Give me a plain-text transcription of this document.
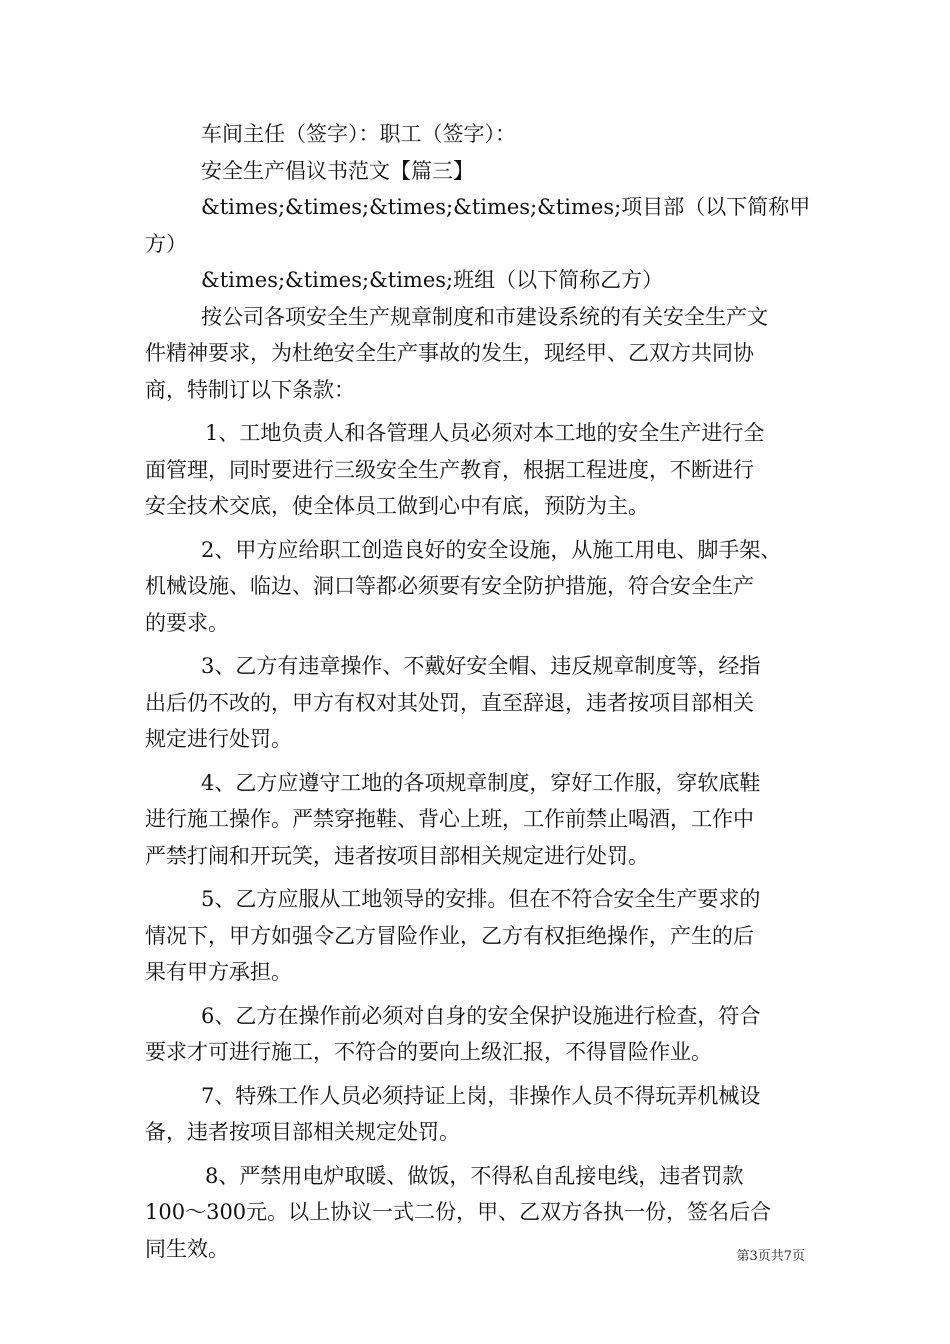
车间主任（签字）：职工（签字）：
安全生产倡议书范文【篇三】
&times;&times;&times;&times;&times;项目部（以下简称甲
方）
&times;&times;&times;班组（以下简称乙方）
按公司各项安全生产规章制度和市建设系统的有关安全生产文
件精神要求，为杜绝安全生产事故的发生，现经甲、乙双方共同协
商，特制订以下条款：
1、工地负责人和各管理人员必须对本工地的安全生产进行全
面管理，同时要进行三级安全生产教育，根据工程进度，不断进行
安全技术交底，使全体员工做到心中有底，预防为主。
2、甲方应给职工创造良好的安全设施，从施工用电、脚手架、
机械设施、临边、洞口等都必须要有安全防护措施，符合安全生产
的要求。
3、乙方有违章操作、不戴好安全帽、违反规章制度等，经指
出后仍不改的，甲方有权对其处罚，直至辞退，违者按项目部相关
规定进行处罚。
4、乙方应遵守工地的各项规章制度，穿好工作服，穿软底鞋
进行施工操作。严禁穿拖鞋、背心上班，工作前禁止喝酒，工作中
严禁打闹和开玩笑，违者按项目部相关规定进行处罚。
5、乙方应服从工地领导的安排。但在不符合安全生产要求的
情况下，甲方如强令乙方冒险作业，乙方有权拒绝操作，产生的后
果有甲方承担。
6、乙方在操作前必须对自身的安全保护设施进行检查，符合
要求才可进行施工，不符合的要向上级汇报，不得冒险作业。
7、特殊工作人员必须持证上岗，非操作人员不得玩弄机械设
备，违者按项目部相关规定处罚。
8、严禁用电炉取暖、做饭，不得私自乱接电线，违者罚款
100～300元。以上协议一式二份，甲、乙双方各执一份，签名后合
同生效。	第3页共7页
